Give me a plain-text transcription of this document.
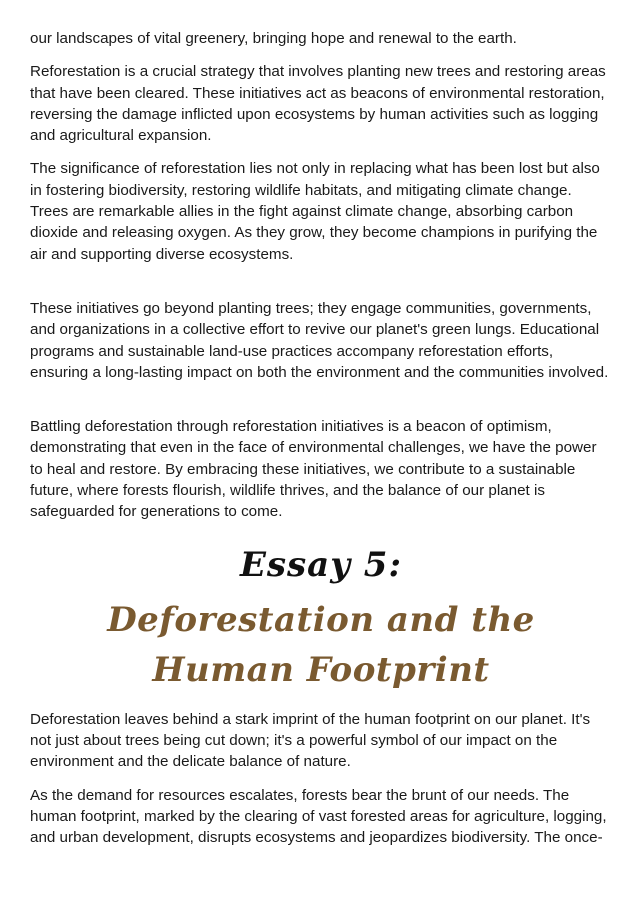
our landscapes of vital greenery, bringing hope and renewal to the earth.

Reforestation is a crucial strategy that involves planting new trees and restoring areas that have been cleared. These initiatives act as beacons of environmental restoration, reversing the damage inflicted upon ecosystems by human activities such as logging and agricultural expansion.

The significance of reforestation lies not only in replacing what has been lost but also in fostering biodiversity, restoring wildlife habitats, and mitigating climate change. Trees are remarkable allies in the fight against climate change, absorbing carbon dioxide and releasing oxygen. As they grow, they become champions in purifying the air and supporting diverse ecosystems.

These initiatives go beyond planting trees; they engage communities, governments, and organizations in a collective effort to revive our planet's green lungs. Educational programs and sustainable land-use practices accompany reforestation efforts, ensuring a long-lasting impact on both the environment and the communities involved.

Battling deforestation through reforestation initiatives is a beacon of optimism, demonstrating that even in the face of environmental challenges, we have the power to heal and restore. By embracing these initiatives, we contribute to a sustainable future, where forests flourish, wildlife thrives, and the balance of our planet is safeguarded for generations to come.

Essay 5:

Deforestation and the Human Footprint

Deforestation leaves behind a stark imprint of the human footprint on our planet. It's not just about trees being cut down; it's a powerful symbol of our impact on the environment and the delicate balance of nature.

As the demand for resources escalates, forests bear the brunt of our needs. The human footprint, marked by the clearing of vast forested areas for agriculture, logging, and urban development, disrupts ecosystems and jeopardizes biodiversity. The once-
